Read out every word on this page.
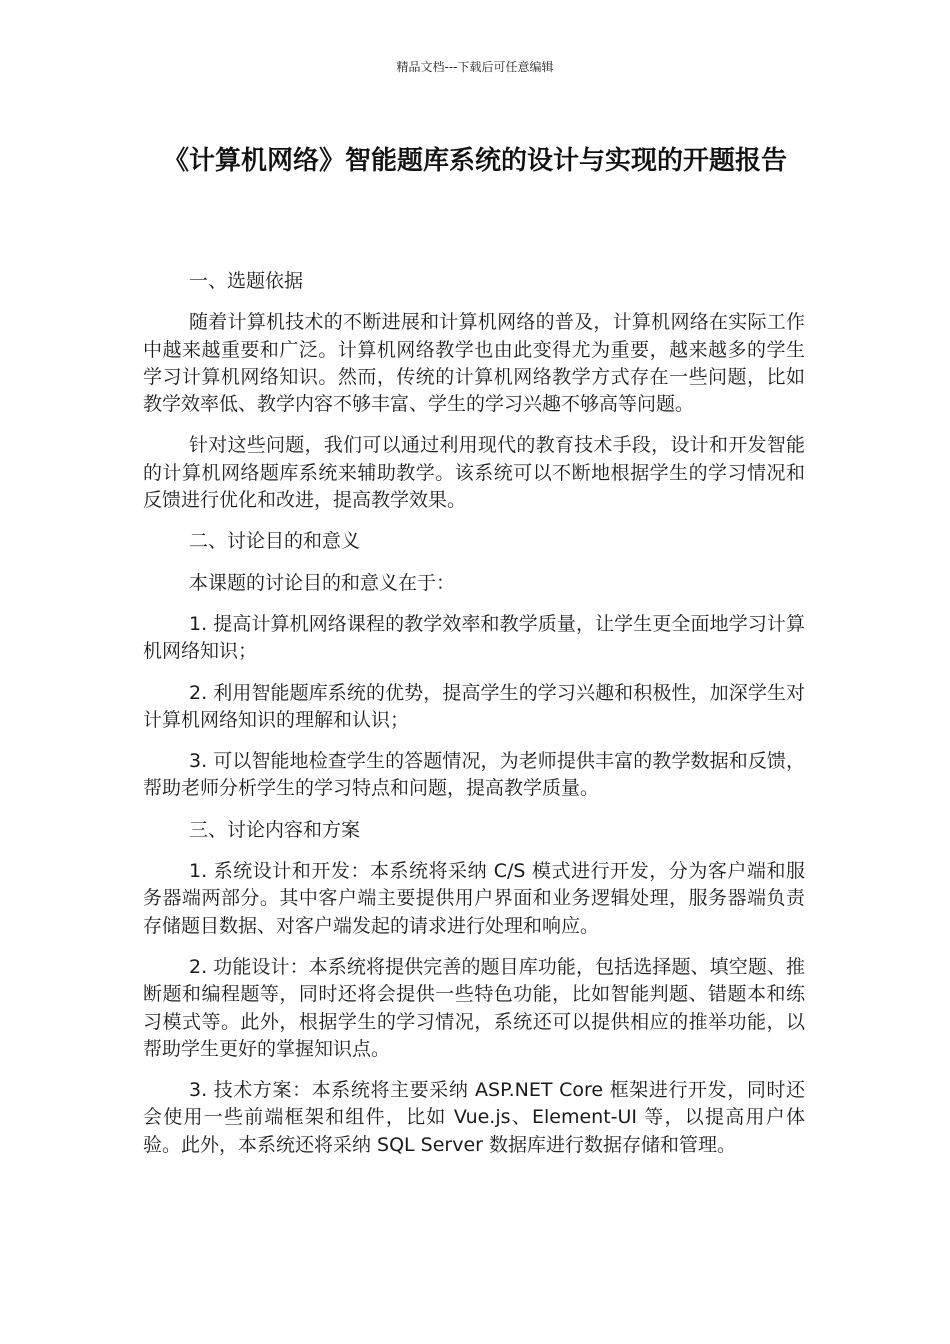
精品文档---下载后可任意编辑
《计算机网络》智能题库系统的设计与实现的开题报告

一、选题依据

随着计算机技术的不断进展和计算机网络的普及，计算机网络在实际工作中越来越重要和广泛。计算机网络教学也由此变得尤为重要，越来越多的学生学习计算机网络知识。然而，传统的计算机网络教学方式存在一些问题，比如教学效率低、教学内容不够丰富、学生的学习兴趣不够高等问题。

针对这些问题，我们可以通过利用现代的教育技术手段，设计和开发智能的计算机网络题库系统来辅助教学。该系统可以不断地根据学生的学习情况和反馈进行优化和改进，提高教学效果。

二、讨论目的和意义

本课题的讨论目的和意义在于：

1. 提高计算机网络课程的教学效率和教学质量，让学生更全面地学习计算机网络知识；

2. 利用智能题库系统的优势，提高学生的学习兴趣和积极性，加深学生对计算机网络知识的理解和认识；

3. 可以智能地检查学生的答题情况，为老师提供丰富的教学数据和反馈，帮助老师分析学生的学习特点和问题，提高教学质量。

三、讨论内容和方案

1. 系统设计和开发：本系统将采纳 C/S 模式进行开发，分为客户端和服务器端两部分。其中客户端主要提供用户界面和业务逻辑处理，服务器端负责存储题目数据、对客户端发起的请求进行处理和响应。

2. 功能设计：本系统将提供完善的题目库功能，包括选择题、填空题、推断题和编程题等，同时还将会提供一些特色功能，比如智能判题、错题本和练习模式等。此外，根据学生的学习情况，系统还可以提供相应的推举功能，以帮助学生更好的掌握知识点。

3. 技术方案：本系统将主要采纳 ASP.NET Core 框架进行开发，同时还会使用一些前端框架和组件，比如 Vue.js、Element-UI 等，以提高用户体验。此外，本系统还将采纳 SQL Server 数据库进行数据存储和管理。
